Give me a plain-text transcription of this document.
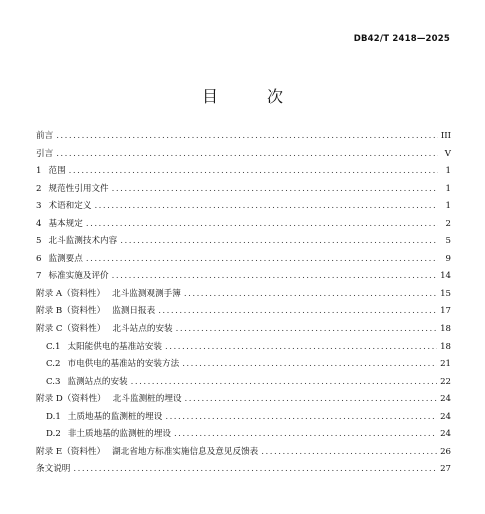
DB42/T 2418—2025
目 次
前言 .....	III
引言 .....	V
1 范围 .....	1
2 规范性引用文件 .....	1
3 术语和定义 .....	1
4 基本规定 .....	2
5 北斗监测技术内容 .....	5
6 监测要点 .....	9
7 标准实施及评价 .....	14
附录 A（资料性） 北斗监测观测手簿 .....	15
附录 B（资料性） 监测日报表 .....	17
附录 C（资料性） 北斗站点的安装 .....	18
C.1 太阳能供电的基准站安装 .....	18
C.2 市电供电的基准站的安装方法 .....	21
C.3 监测站点的安装 .....	22
附录 D（资料性） 北斗监测桩的埋设 .....	24
D.1 土质地基的监测桩的埋设 .....	24
D.2 非土质地基的监测桩的埋设 .....	24
附录 E（资料性） 湖北省地方标准实施信息及意见反馈表 .....	26
条文说明 .....	27
